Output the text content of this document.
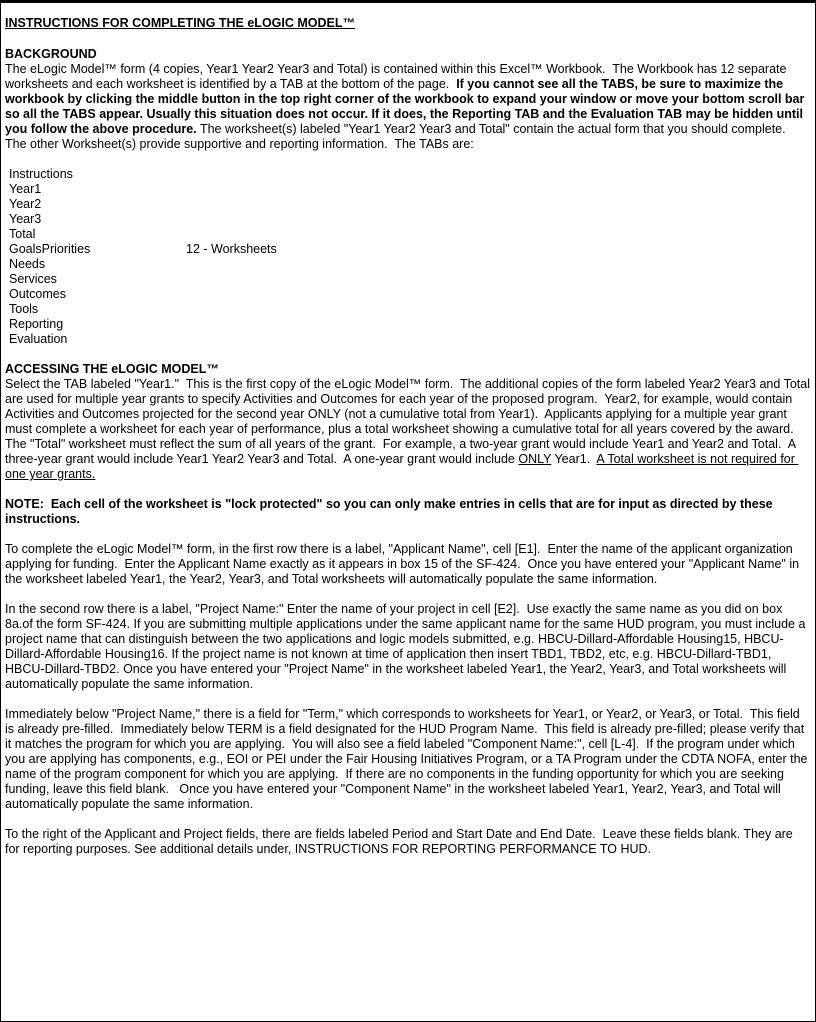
INSTRUCTIONS FOR COMPLETING THE eLOGIC MODEL™
BACKGROUND
The eLogic Model™ form (4 copies, Year1 Year2 Year3 and Total) is contained within this Excel™ Workbook.  The Workbook has 12 separate worksheets and each worksheet is identified by a TAB at the bottom of the page.  If you cannot see all the TABS, be sure to maximize the workbook by clicking the middle button in the top right corner of the workbook to expand your window or move your bottom scroll bar so all the TABS appear. Usually this situation does not occur. If it does, the Reporting TAB and the Evaluation TAB may be hidden until you follow the above procedure. The worksheet(s) labeled "Year1 Year2 Year3 and Total" contain the actual form that you should complete.  The other Worksheet(s) provide supportive and reporting information.  The TABs are:
Instructions
Year1
Year2
Year3
Total
GoalsPriorities	12 - Worksheets
Needs
Services
Outcomes
Tools
Reporting
Evaluation
ACCESSING THE eLOGIC MODEL™
Select the TAB labeled "Year1."  This is the first copy of the eLogic Model™ form.  The additional copies of the form labeled Year2 Year3 and Total are used for multiple year grants to specify Activities and Outcomes for each year of the proposed program.  Year2, for example, would contain Activities and Outcomes projected for the second year ONLY (not a cumulative total from Year1).  Applicants applying for a multiple year grant must complete a worksheet for each year of performance, plus a total worksheet showing a cumulative total for all years covered by the award.  The "Total" worksheet must reflect the sum of all years of the grant.  For example, a two-year grant would include Year1 and Year2 and Total.  A three-year grant would include Year1 Year2 Year3 and Total.  A one-year grant would include ONLY Year1.  A Total worksheet is not required for one year grants.
NOTE:  Each cell of the worksheet is "lock protected" so you can only make entries in cells that are for input as directed by these instructions.
To complete the eLogic Model™ form, in the first row there is a label, "Applicant Name", cell [E1].  Enter the name of the applicant organization applying for funding.  Enter the Applicant Name exactly as it appears in box 15 of the SF-424.  Once you have entered your "Applicant Name" in the worksheet labeled Year1, the Year2, Year3, and Total worksheets will automatically populate the same information.
In the second row there is a label, "Project Name:" Enter the name of your project in cell [E2].  Use exactly the same name as you did on box 8a.of the form SF-424. If you are submitting multiple applications under the same applicant name for the same HUD program, you must include a project name that can distinguish between the two applications and logic models submitted, e.g. HBCU-Dillard-Affordable Housing15, HBCU-Dillard-Affordable Housing16. If the project name is not known at time of application then insert TBD1, TBD2, etc, e.g. HBCU-Dillard-TBD1, HBCU-Dillard-TBD2. Once you have entered your "Project Name" in the worksheet labeled Year1, the Year2, Year3, and Total worksheets will automatically populate the same information.
Immediately below "Project Name," there is a field for "Term," which corresponds to worksheets for Year1, or Year2, or Year3, or Total.  This field is already pre-filled.  Immediately below TERM is a field designated for the HUD Program Name.  This field is already pre-filled; please verify that it matches the program for which you are applying.  You will also see a field labeled "Component Name:", cell [L-4].  If the program under which you are applying has components, e.g., EOI or PEI under the Fair Housing Initiatives Program, or a TA Program under the CDTA NOFA, enter the name of the program component for which you are applying.  If there are no components in the funding opportunity for which you are seeking funding, leave this field blank.   Once you have entered your "Component Name" in the worksheet labeled Year1, Year2, Year3, and Total will automatically populate the same information.
To the right of the Applicant and Project fields, there are fields labeled Period and Start Date and End Date.  Leave these fields blank. They are for reporting purposes. See additional details under, INSTRUCTIONS FOR REPORTING PERFORMANCE TO HUD.
